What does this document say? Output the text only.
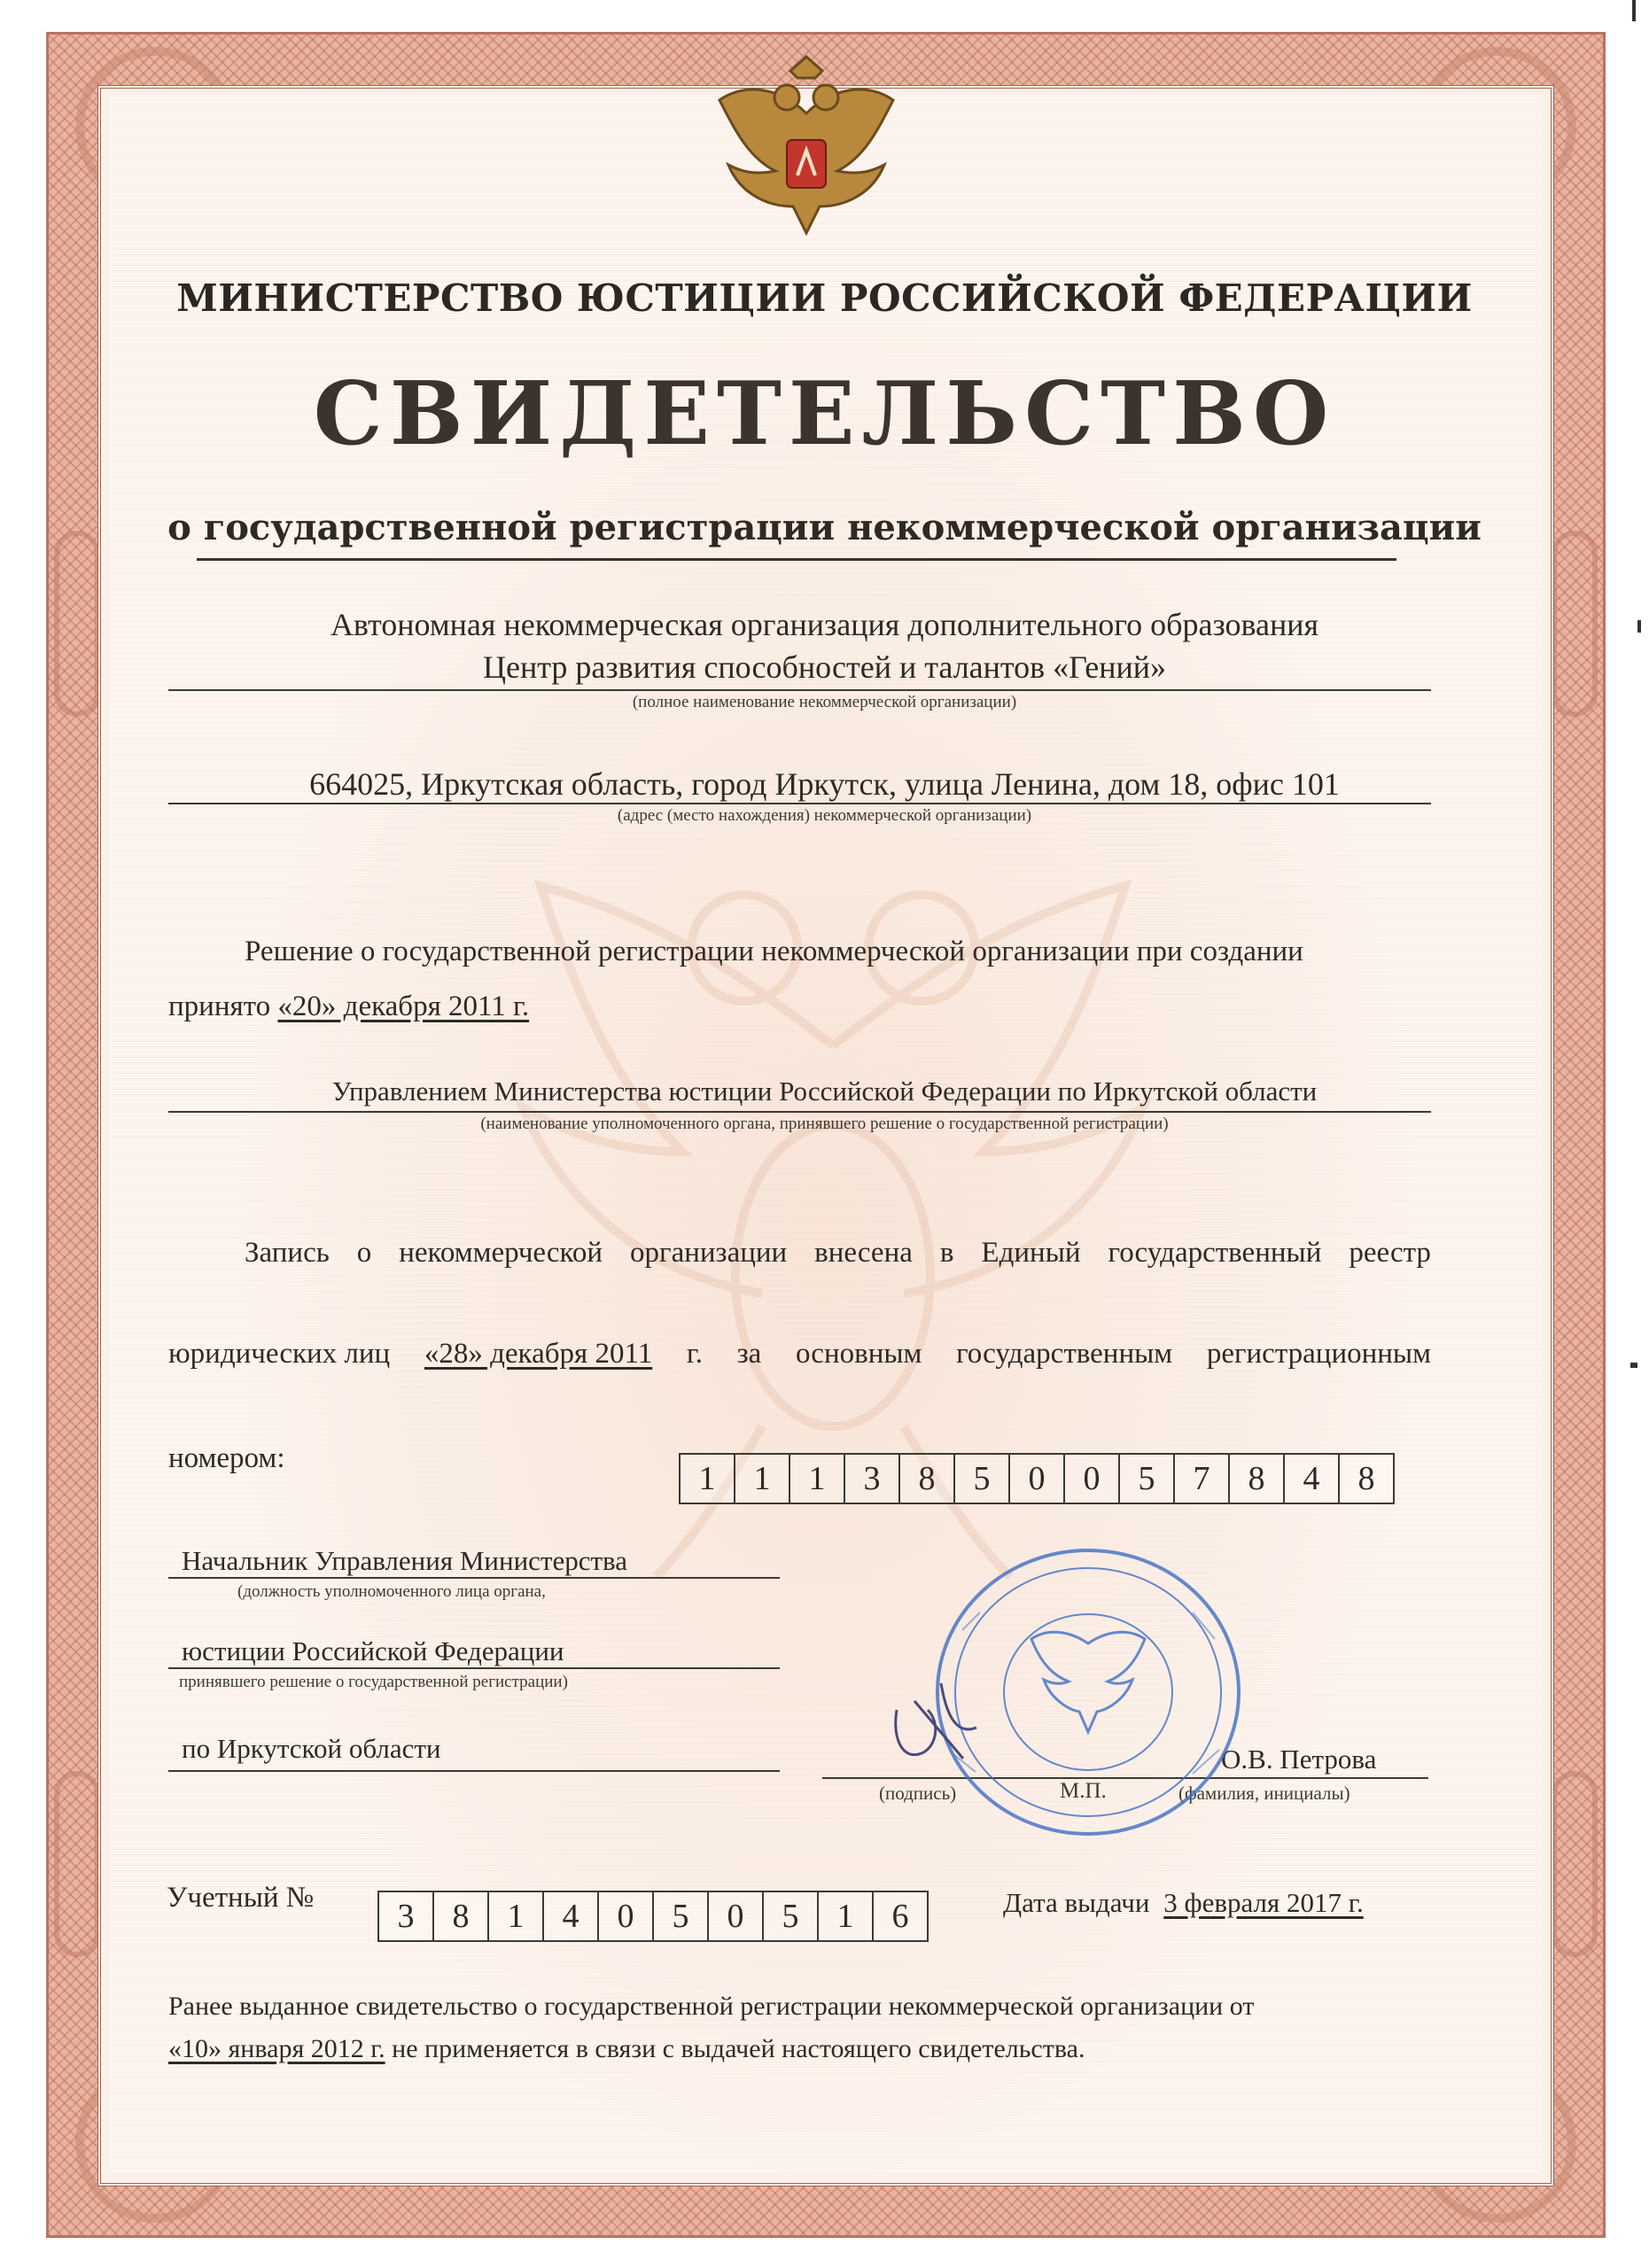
МИНИСТЕРСТВО ЮСТИЦИИ РОССИЙСКОЙ ФЕДЕРАЦИИ
СВИДЕТЕЛЬСТВО
о государственной регистрации некоммерческой организации
Автономная некоммерческая организация дополнительного образования
Центр развития способностей и талантов «Гений»
(полное наименование некоммерческой организации)
664025, Иркутская область, город Иркутск, улица Ленина, дом 18, офис 101
(адрес (место нахождения) некоммерческой организации)
Решение о государственной регистрации некоммерческой организации при создании
принято «20» декабря 2011 г.
Управлением Министерства юстиции Российской Федерации по Иркутской области
(наименование уполномоченного органа, принявшего решение о государственной регистрации)
Запись о некоммерческой организации внесена в Единый государственный реестр
юридических лиц «28» декабря 2011 г. за основным государственным регистрационным
номером:
1	1	1	3	8	5	0	0	5	7	8	4	8
Начальник Управления Министерства
(должность уполномоченного лица органа,
юстиции Российской Федерации
принявшего решение о государственной регистрации)
по Иркутской области	О.В. Петрова
(подпись)	М.П.	(фамилия, инициалы)
Учетный №	3	8	1	4	0	5	0	5	1	6	Дата выдачи 3 февраля 2017 г.
Ранее выданное свидетельство о государственной регистрации некоммерческой организации от
«10» января 2012 г. не применяется в связи с выдачей настоящего свидетельства.
